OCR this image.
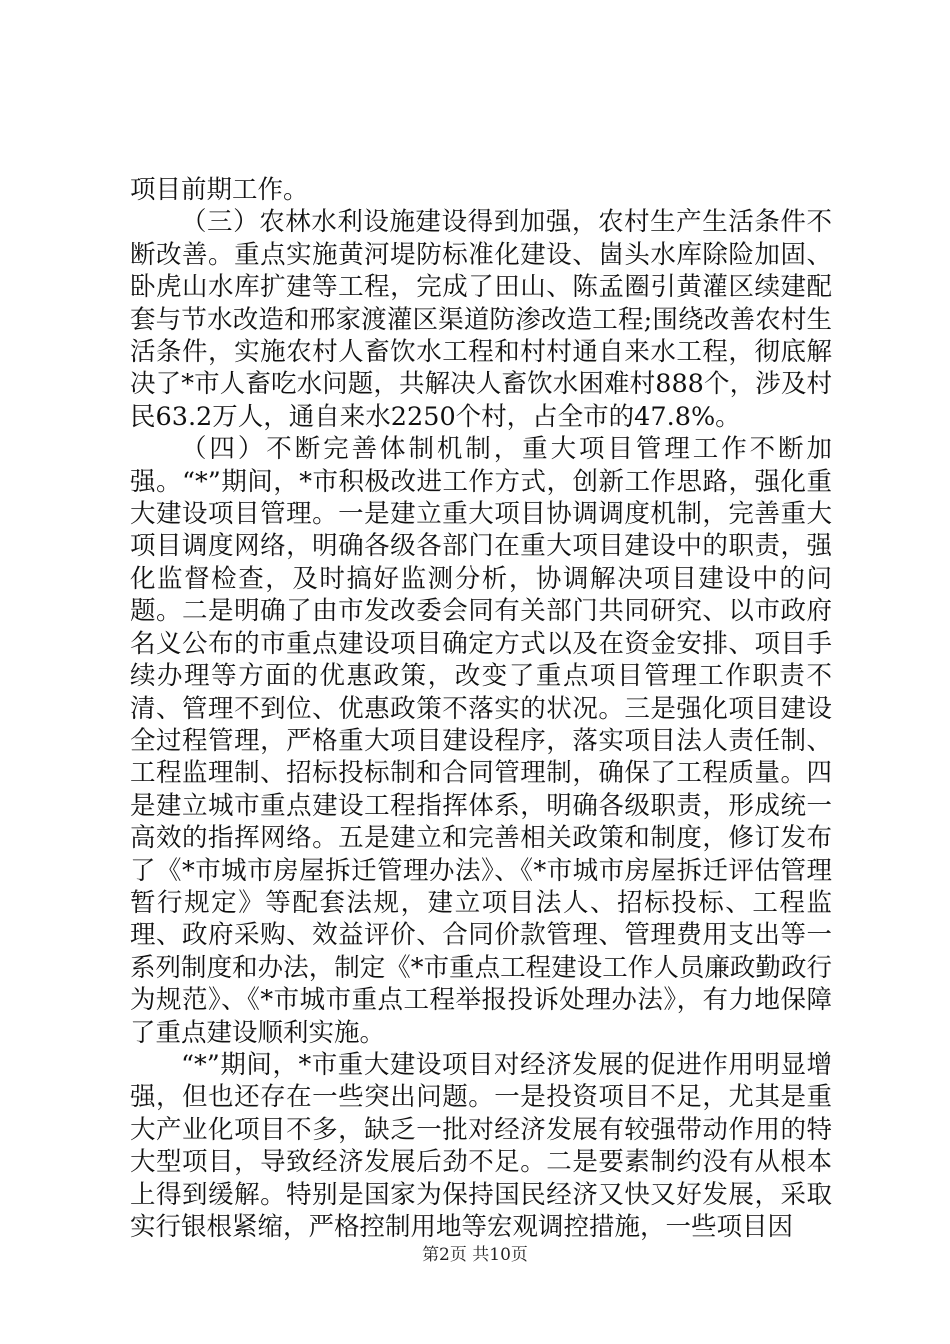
项目前期工作。

（三）农林水利设施建设得到加强，农村生产生活条件不断改善。重点实施黄河堤防标准化建设、崮头水库除险加固、卧虎山水库扩建等工程，完成了田山、陈孟圈引黄灌区续建配套与节水改造和邢家渡灌区渠道防渗改造工程;围绕改善农村生活条件，实施农村人畜饮水工程和村村通自来水工程，彻底解决了*市人畜吃水问题，共解决人畜饮水困难村888个，涉及村民63.2万人，通自来水2250个村，占全市的47.8%。

（四）不断完善体制机制，重大项目管理工作不断加强。“*”期间，*市积极改进工作方式，创新工作思路，强化重大建设项目管理。一是建立重大项目协调调度机制，完善重大项目调度网络，明确各级各部门在重大项目建设中的职责，强化监督检查，及时搞好监测分析，协调解决项目建设中的问题。二是明确了由市发改委会同有关部门共同研究、以市政府名义公布的市重点建设项目确定方式以及在资金安排、项目手续办理等方面的优惠政策，改变了重点项目管理工作职责不清、管理不到位、优惠政策不落实的状况。三是强化项目建设全过程管理，严格重大项目建设程序，落实项目法人责任制、工程监理制、招标投标制和合同管理制，确保了工程质量。四是建立城市重点建设工程指挥体系，明确各级职责，形成统一高效的指挥网络。五是建立和完善相关政策和制度，修订发布了《*市城市房屋拆迁管理办法》、《*市城市房屋拆迁评估管理暂行规定》等配套法规，建立项目法人、招标投标、工程监理、政府采购、效益评价、合同价款管理、管理费用支出等一系列制度和办法，制定《*市重点工程建设工作人员廉政勤政行为规范》、《*市城市重点工程举报投诉处理办法》，有力地保障了重点建设顺利实施。

“*”期间，*市重大建设项目对经济发展的促进作用明显增强，但也还存在一些突出问题。一是投资项目不足，尤其是重大产业化项目不多，缺乏一批对经济发展有较强带动作用的特大型项目，导致经济发展后劲不足。二是要素制约没有从根本上得到缓解。特别是国家为保持国民经济又快又好发展，采取实行银根紧缩，严格控制用地等宏观调控措施，一些项目因

第2页 共10页
